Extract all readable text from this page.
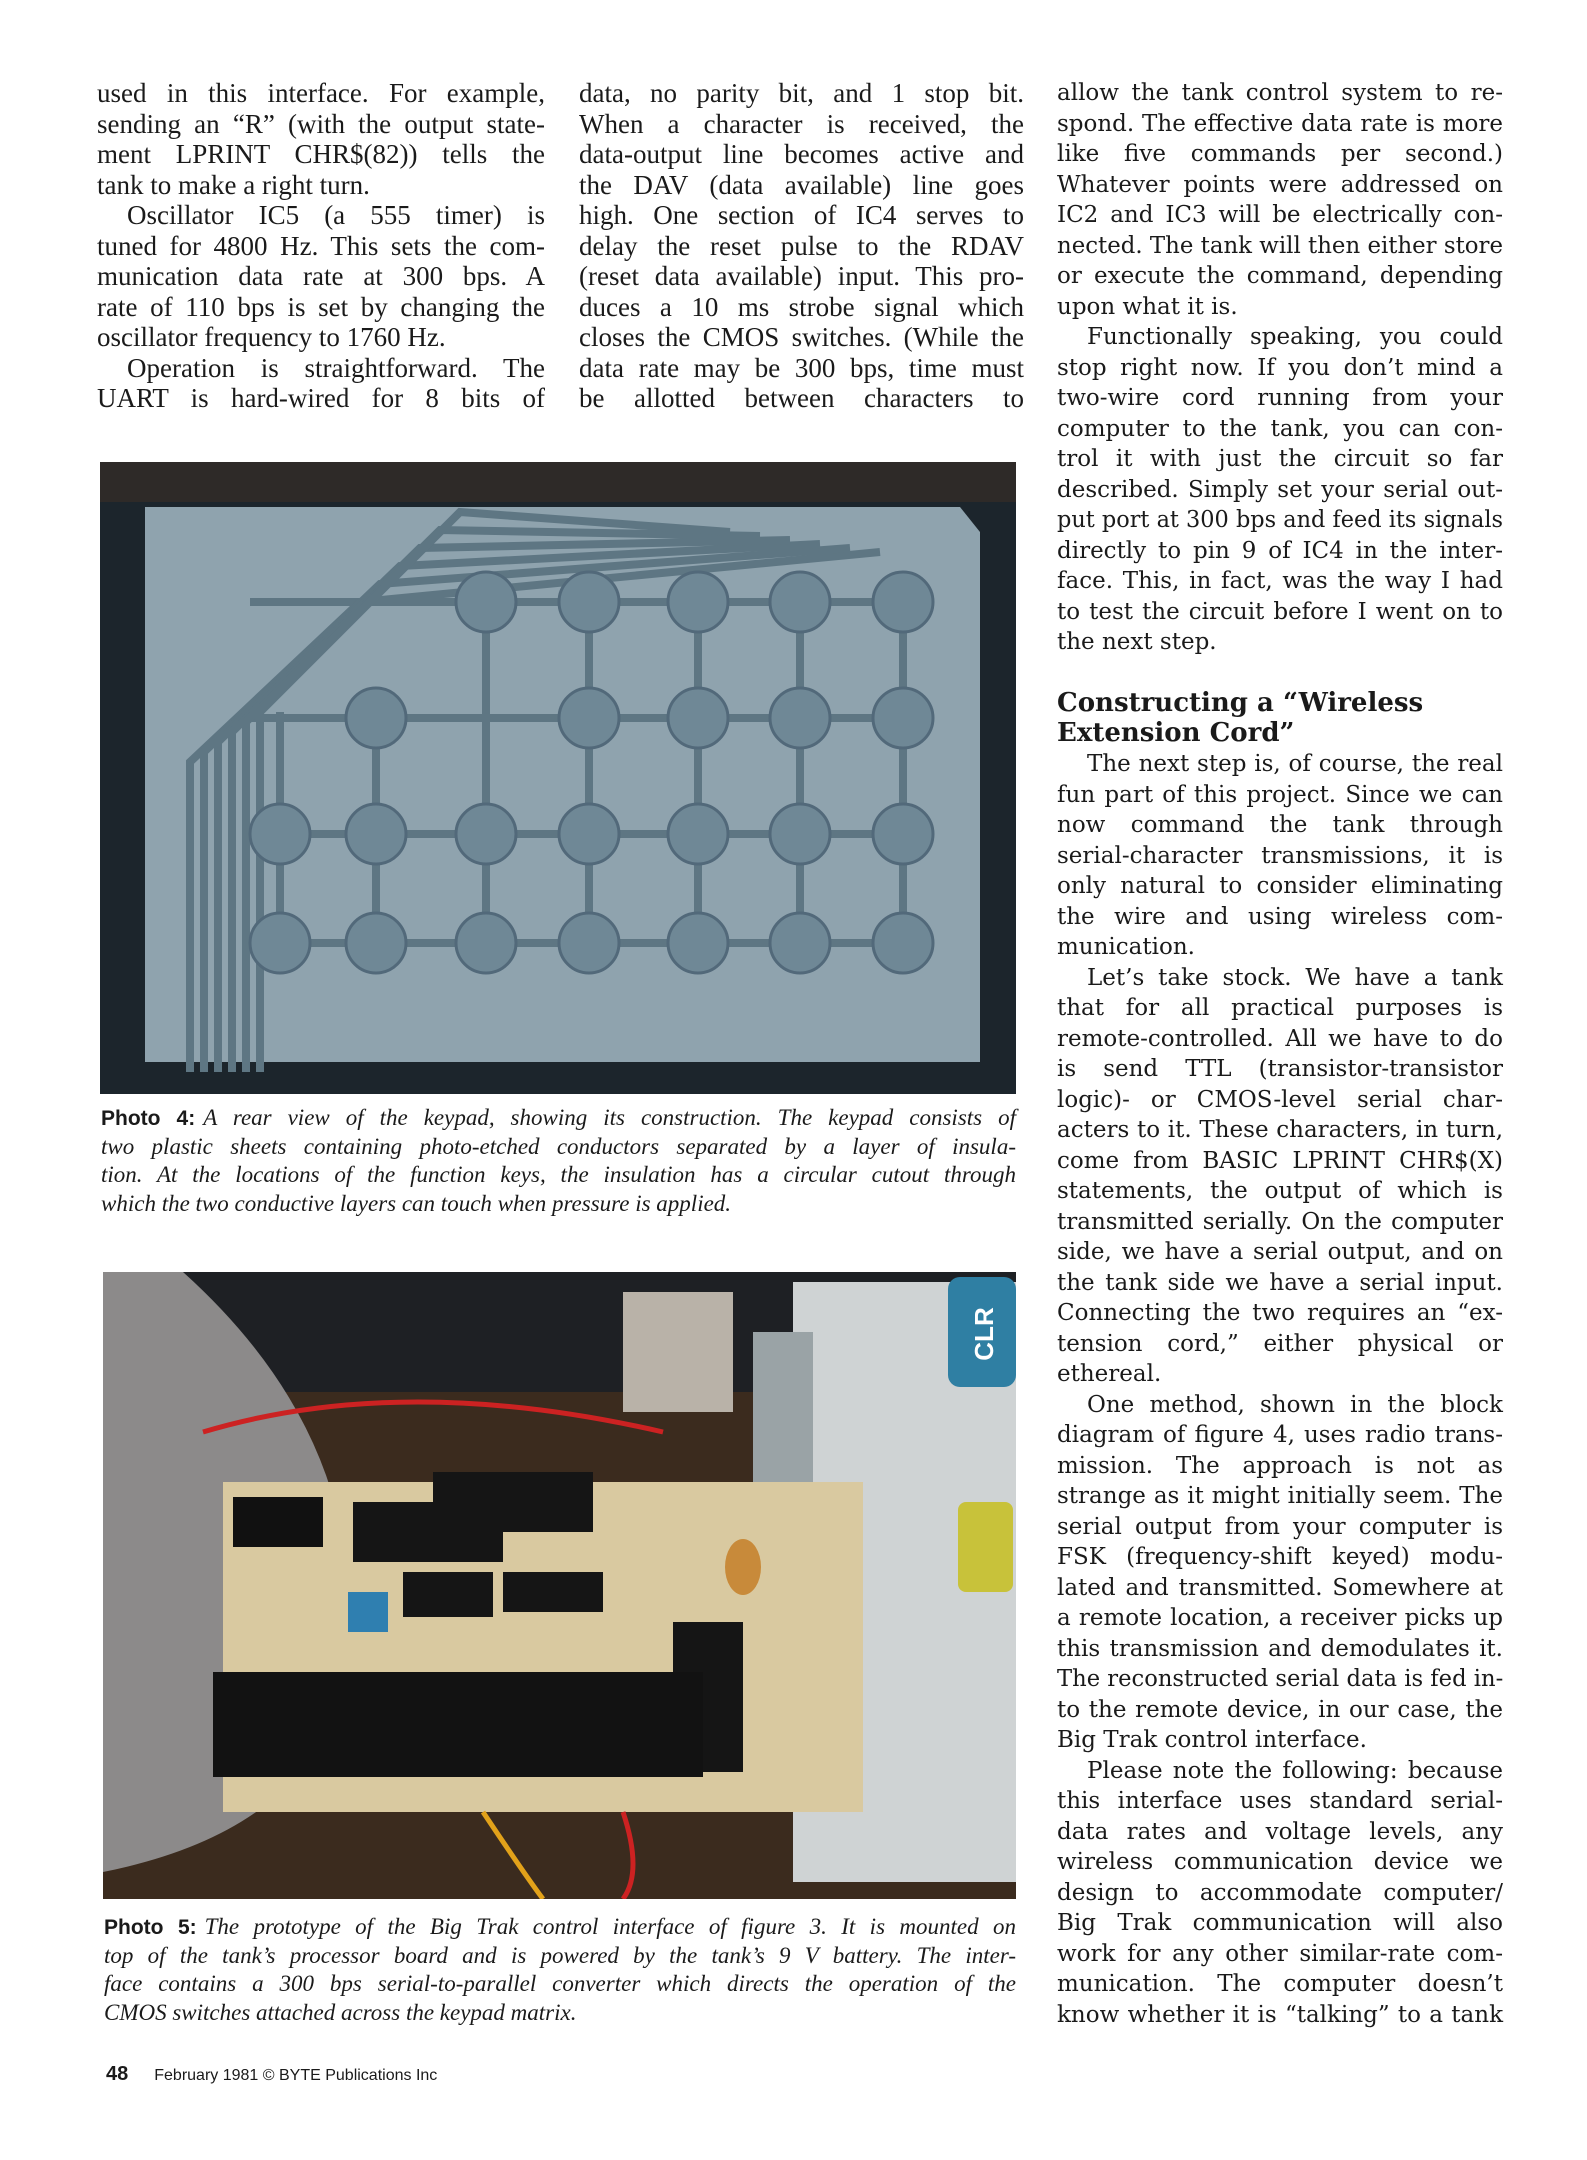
used in this interface. For example,
sending an “R” (with the output state-
ment LPRINT CHR$(82)) tells the
tank to make a right turn.
Oscillator IC5 (a 555 timer) is
tuned for 4800 Hz. This sets the com-
munication data rate at 300 bps. A
rate of 110 bps is set by changing the
oscillator frequency to 1760 Hz.
Operation is straightforward. The
UART is hard-wired for 8 bits of
data, no parity bit, and 1 stop bit.
When a character is received, the
data-output line becomes active and
the DAV (data available) line goes
high. One section of IC4 serves to
delay the reset pulse to the RDAV
(reset data available) input. This pro-
duces a 10 ms strobe signal which
closes the CMOS switches. (While the
data rate may be 300 bps, time must
be allotted between characters to
allow the tank control system to re-
spond. The effective data rate is more
like five commands per second.)
Whatever points were addressed on
IC2 and IC3 will be electrically con-
nected. The tank will then either store
or execute the command, depending
upon what it is.
Functionally speaking, you could
stop right now. If you don’t mind a
two-wire cord running from your
computer to the tank, you can con-
trol it with just the circuit so far
described. Simply set your serial out-
put port at 300 bps and feed its signals
directly to pin 9 of IC4 in the inter-
face. This, in fact, was the way I had
to test the circuit before I went on to
the next step.
Constructing a “Wireless
Extension Cord”
The next step is, of course, the real
fun part of this project. Since we can
now command the tank through
serial-character transmissions, it is
only natural to consider eliminating
the wire and using wireless com-
munication.
Let’s take stock. We have a tank
that for all practical purposes is
remote-controlled. All we have to do
is send TTL (transistor-transistor
logic)- or CMOS-level serial char-
acters to it. These characters, in turn,
come from BASIC LPRINT CHR$(X)
statements, the output of which is
transmitted serially. On the computer
side, we have a serial output, and on
the tank side we have a serial input.
Connecting the two requires an “ex-
tension cord,” either physical or
ethereal.
One method, shown in the block
diagram of figure 4, uses radio trans-
mission. The approach is not as
strange as it might initially seem. The
serial output from your computer is
FSK (frequency-shift keyed) modu-
lated and transmitted. Somewhere at
a remote location, a receiver picks up
this transmission and demodulates it.
The reconstructed serial data is fed in-
to the remote device, in our case, the
Big Trak control interface.
Please note the following: because
this interface uses standard serial-
data rates and voltage levels, any
wireless communication device we
design to accommodate computer/
Big Trak communication will also
work for any other similar-rate com-
munication. The computer doesn’t
know whether it is “talking” to a tank
Photo 4: A rear view of the keypad, showing its construction. The keypad consists of
two plastic sheets containing photo-etched conductors separated by a layer of insula-
tion. At the locations of the function keys, the insulation has a circular cutout through
which the two conductive layers can touch when pressure is applied.
CLR
Photo 5: The prototype of the Big Trak control interface of figure 3. It is mounted on
top of the tank’s processor board and is powered by the tank’s 9 V battery. The inter-
face contains a 300 bps serial-to-parallel converter which directs the operation of the
CMOS switches attached across the keypad matrix.
48 February 1981 © BYTE Publications Inc
